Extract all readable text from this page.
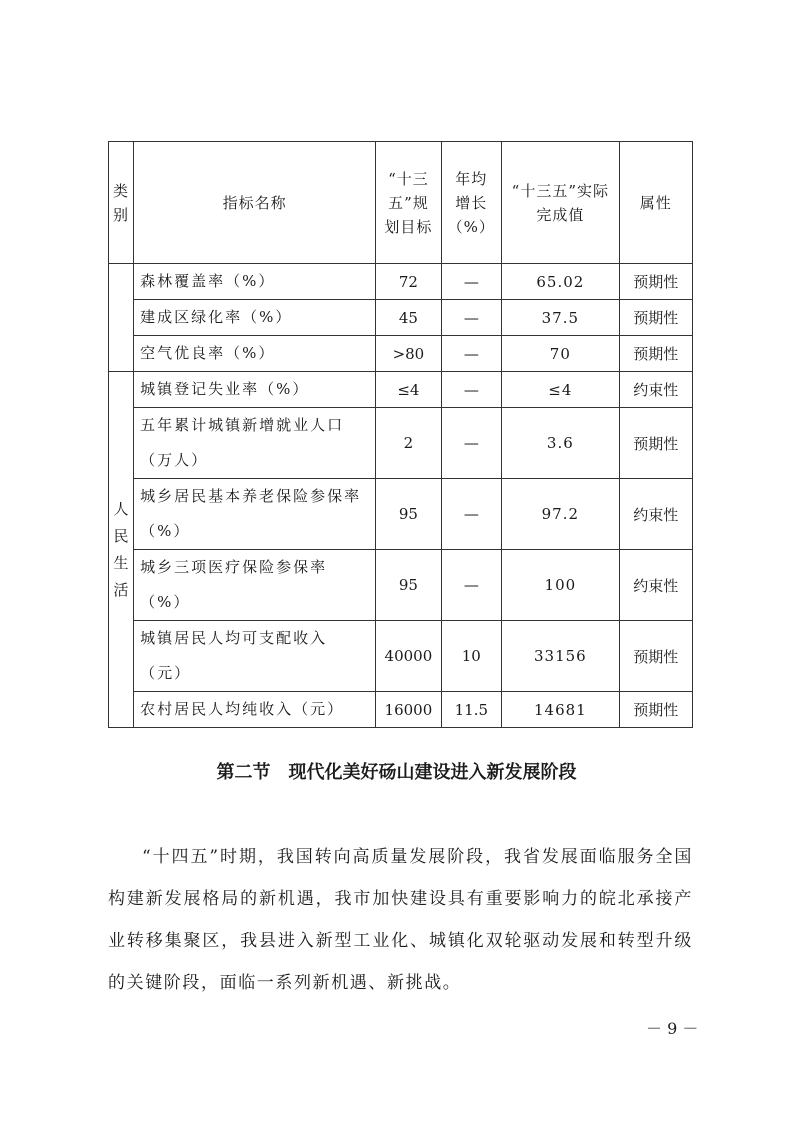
类别	指标名称	“十三五”规划目标	年均增长（%）	“十三五”实际完成值	属性
	森林覆盖率（%）	72	—	65.02	预期性
	建成区绿化率（%）	45	—	37.5	预期性
	空气优良率（%）	>80	—	70	预期性
人民生活	城镇登记失业率（%）	≤4	—	≤4	约束性
	五年累计城镇新增就业人口（万人）	2	—	3.6	预期性
	城乡居民基本养老保险参保率（%）	95	—	97.2	约束性
	城乡三项医疗保险参保率（%）	95	—	100	约束性
	城镇居民人均可支配收入（元）	40000	10	33156	预期性
	农村居民人均纯收入（元）	16000	11.5	14681	预期性
第二节　现代化美好砀山建设进入新发展阶段

“十四五”时期，我国转向高质量发展阶段，我省发展面临服务全国构建新发展格局的新机遇，我市加快建设具有重要影响力的皖北承接产业转移集聚区，我县进入新型工业化、城镇化双轮驱动发展和转型升级的关键阶段，面临一系列新机遇、新挑战。

－ 9 －
